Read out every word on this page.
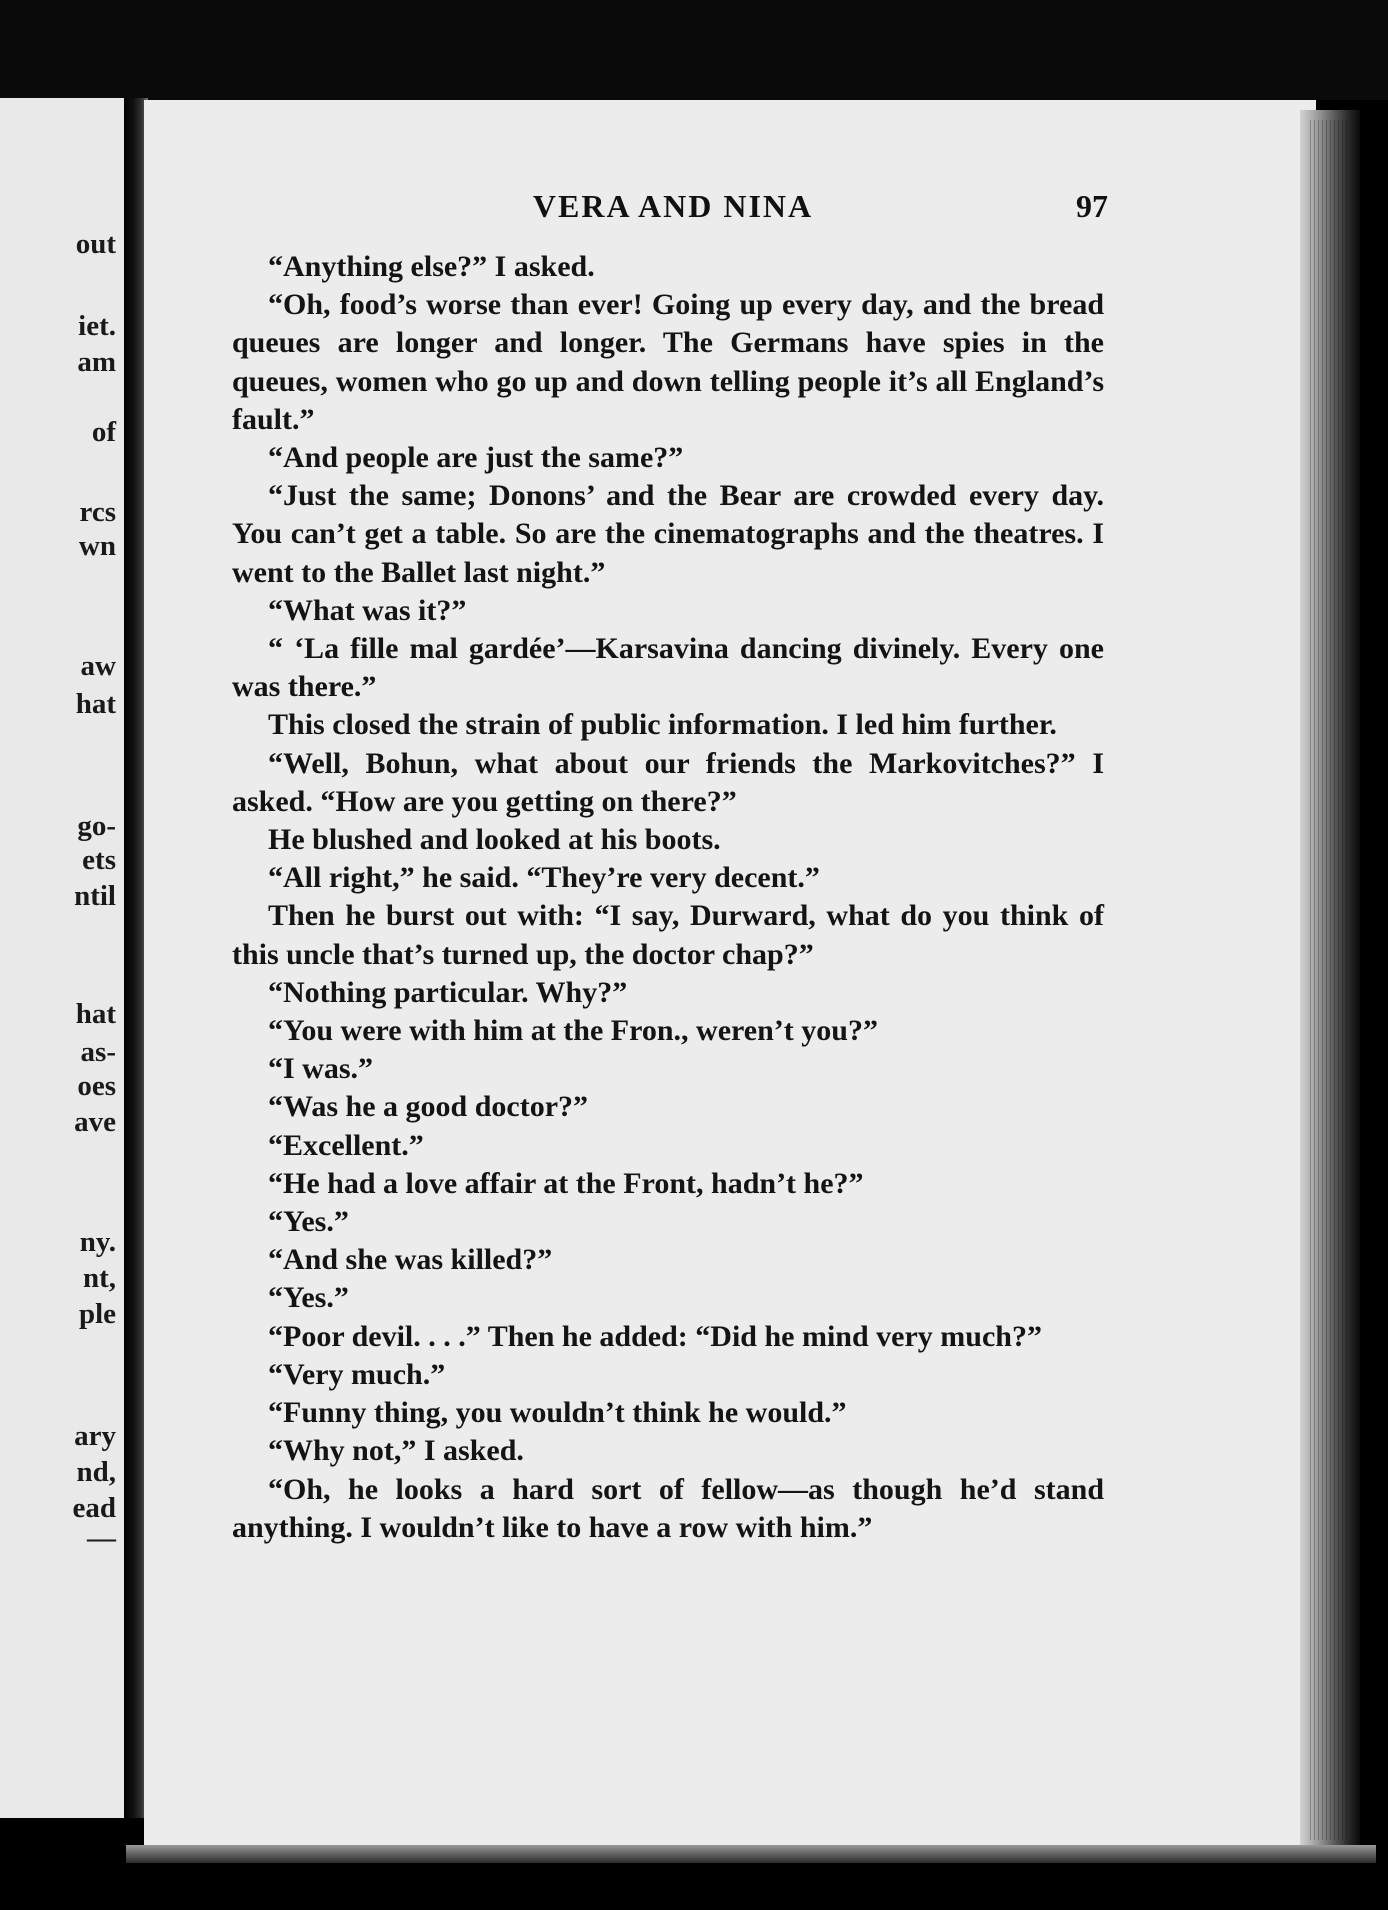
out
iet.
am
of
rcs
wn
aw
hat
go-
ets
ntil
hat
as-
oes
ave
ny.
nt,
ple
ary
nd,
ead
—
VERA AND NINA	97

“Anything else?” I asked.

“Oh, food’s worse than ever! Going up every day, and the bread queues are longer and longer. The Germans have spies in the queues, women who go up and down telling people it’s all England’s fault.”

“And people are just the same?”

“Just the same; Donons’ and the Bear are crowded every day. You can’t get a table. So are the cinematographs and the theatres. I went to the Ballet last night.”

“What was it?”

“ ‘La fille mal gardée’—Karsavina dancing divinely. Every one was there.”

This closed the strain of public information. I led him further.

“Well, Bohun, what about our friends the Markovitches?” I asked. “How are you getting on there?”

He blushed and looked at his boots.

“All right,” he said. “They’re very decent.”

Then he burst out with: “I say, Durward, what do you think of this uncle that’s turned up, the doctor chap?”

“Nothing particular. Why?”

“You were with him at the Fron., weren’t you?”

“I was.”

“Was he a good doctor?”

“Excellent.”

“He had a love affair at the Front, hadn’t he?”

“Yes.”

“And she was killed?”

“Yes.”

“Poor devil. . . .” Then he added: “Did he mind very much?”

“Very much.”

“Funny thing, you wouldn’t think he would.”

“Why not,” I asked.

“Oh, he looks a hard sort of fellow—as though he’d stand anything. I wouldn’t like to have a row with him.”
